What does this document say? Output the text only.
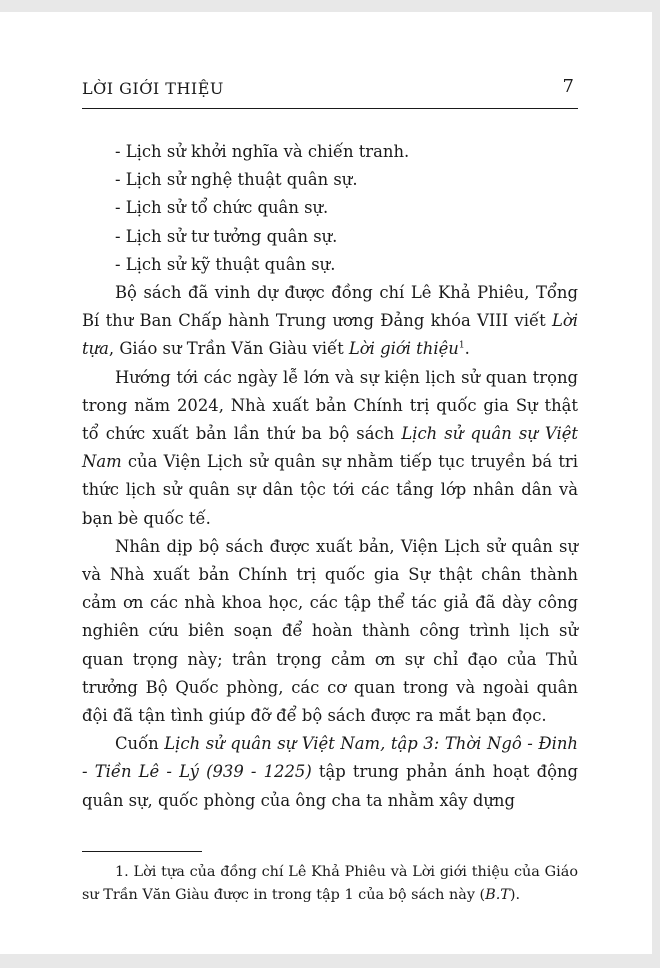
LỜI GIỚI THIỆU	7

- Lịch sử khởi nghĩa và chiến tranh.

- Lịch sử nghệ thuật quân sự.

- Lịch sử tổ chức quân sự.

- Lịch sử tư tưởng quân sự.

- Lịch sử kỹ thuật quân sự.

Bộ sách đã vinh dự được đồng chí Lê Khả Phiêu, Tổng Bí thư Ban Chấp hành Trung ương Đảng khóa VIII viết Lời tựa, Giáo sư Trần Văn Giàu viết Lời giới thiệu$^1$.

Hướng tới các ngày lễ lớn và sự kiện lịch sử quan trọng trong năm 2024, Nhà xuất bản Chính trị quốc gia Sự thật tổ chức xuất bản lần thứ ba bộ sách Lịch sử quân sự Việt Nam của Viện Lịch sử quân sự nhằm tiếp tục truyền bá tri thức lịch sử quân sự dân tộc tới các tầng lớp nhân dân và bạn bè quốc tế.

Nhân dịp bộ sách được xuất bản, Viện Lịch sử quân sự và Nhà xuất bản Chính trị quốc gia Sự thật chân thành cảm ơn các nhà khoa học, các tập thể tác giả đã dày công nghiên cứu biên soạn để hoàn thành công trình lịch sử quan trọng này; trân trọng cảm ơn sự chỉ đạo của Thủ trưởng Bộ Quốc phòng, các cơ quan trong và ngoài quân đội đã tận tình giúp đỡ để bộ sách được ra mắt bạn đọc.

Cuốn Lịch sử quân sự Việt Nam, tập 3: Thời Ngô - Đinh - Tiền Lê - Lý (939 - 1225) tập trung phản ánh hoạt động quân sự, quốc phòng của ông cha ta nhằm xây dựng

1. Lời tựa của đồng chí Lê Khả Phiêu và Lời giới thiệu của Giáo sư Trần Văn Giàu được in trong tập 1 của bộ sách này (B.T).
